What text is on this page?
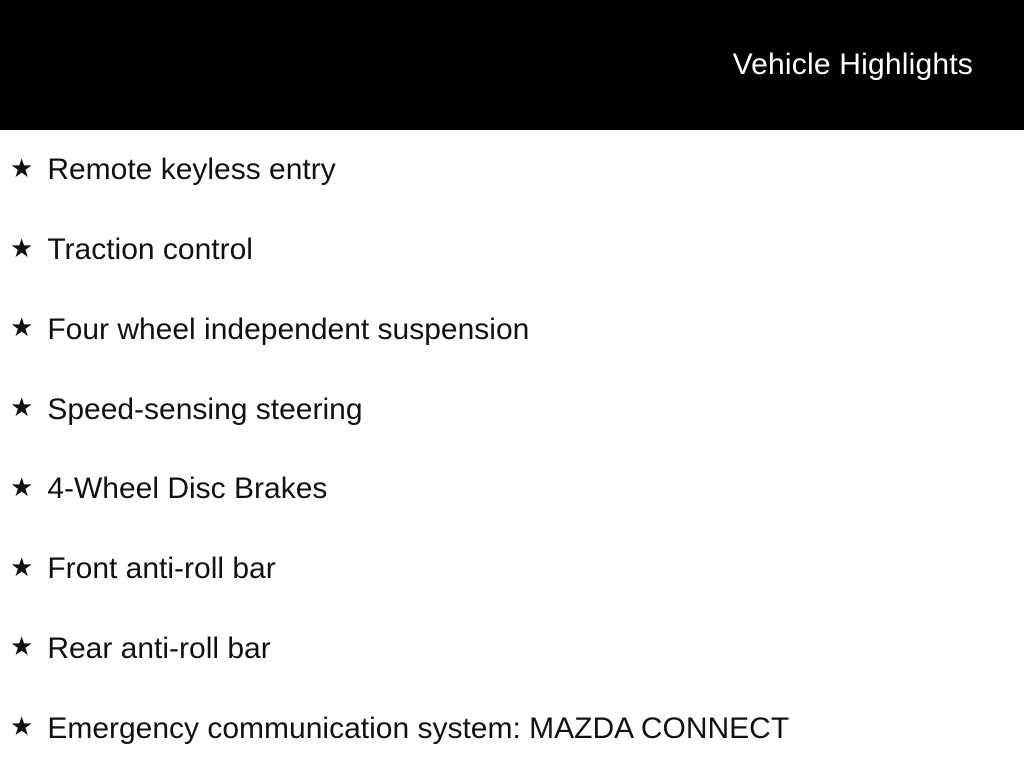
Vehicle Highlights
★ Remote keyless entry
★ Traction control
★ Four wheel independent suspension
★ Speed-sensing steering
★ 4-Wheel Disc Brakes
★ Front anti-roll bar
★ Rear anti-roll bar
★ Emergency communication system: MAZDA CONNECT
